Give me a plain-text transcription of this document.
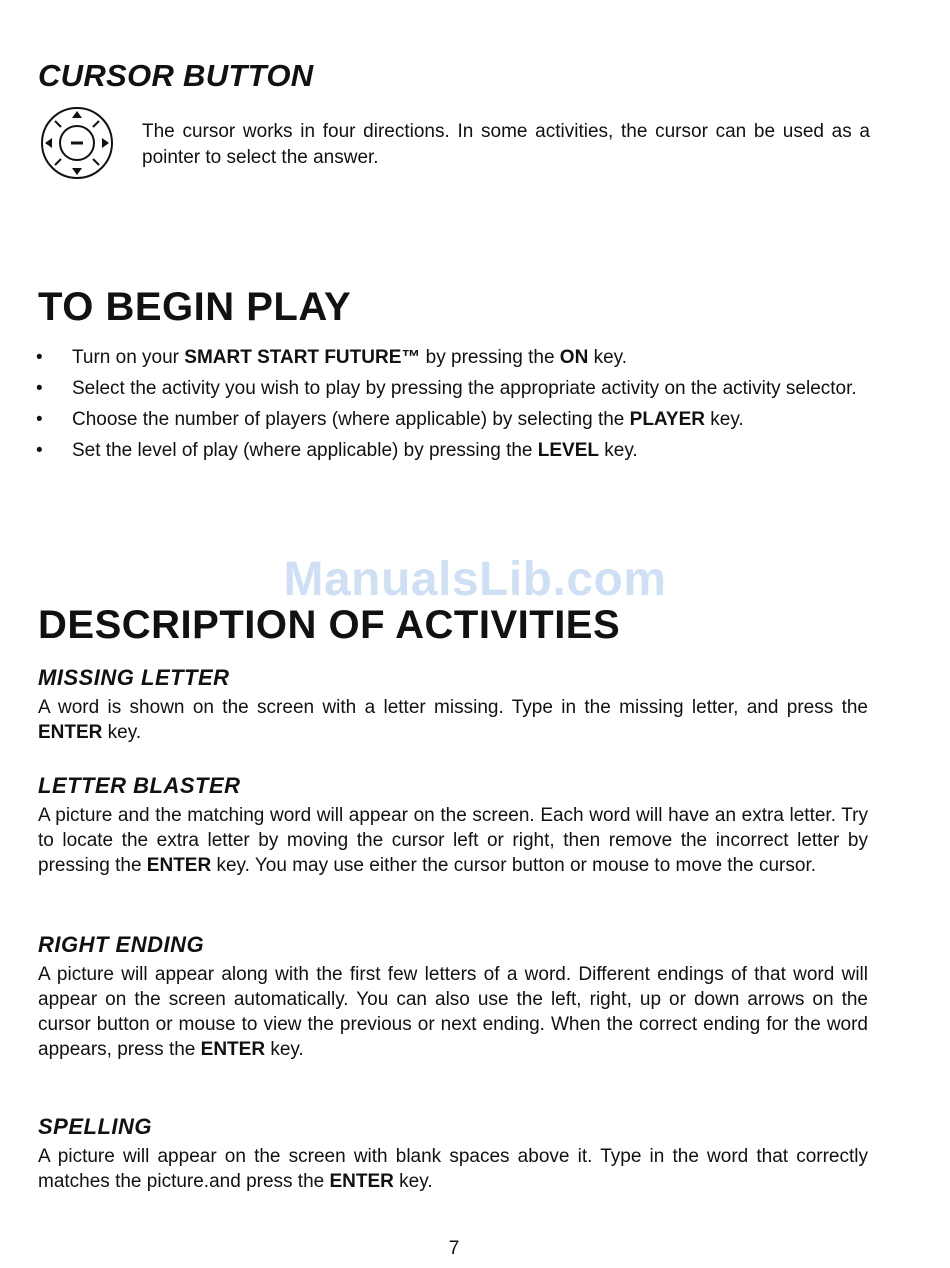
CURSOR BUTTON

The cursor works in four directions. In some activities, the cursor can be used as a pointer to select the answer.

TO BEGIN PLAY
• Turn on your SMART START FUTURE™ by pressing the ON key.
• Select the activity you wish to play by pressing the appropriate activity on the activity selector.
• Choose the number of players (where applicable) by selecting the PLAYER key.
• Set the level of play (where applicable) by pressing the LEVEL key.
ManualsLib.com
DESCRIPTION OF ACTIVITIES
MISSING LETTER

A word is shown on the screen with a letter missing. Type in the missing letter, and press the ENTER key.

LETTER BLASTER

A picture and the matching word will appear on the screen. Each word will have an extra letter. Try to locate the extra letter by moving the cursor left or right, then remove the incorrect letter by pressing the ENTER key. You may use either the cursor button or mouse to move the cursor.

RIGHT ENDING

A picture will appear along with the first few letters of a word. Different endings of that word will appear on the screen automatically. You can also use the left, right, up or down arrows on the cursor button or mouse to view the previous or next ending. When the correct ending for the word appears, press the ENTER key.

SPELLING

A picture will appear on the screen with blank spaces above it. Type in the word that correctly matches the picture.and press the ENTER key.

7
